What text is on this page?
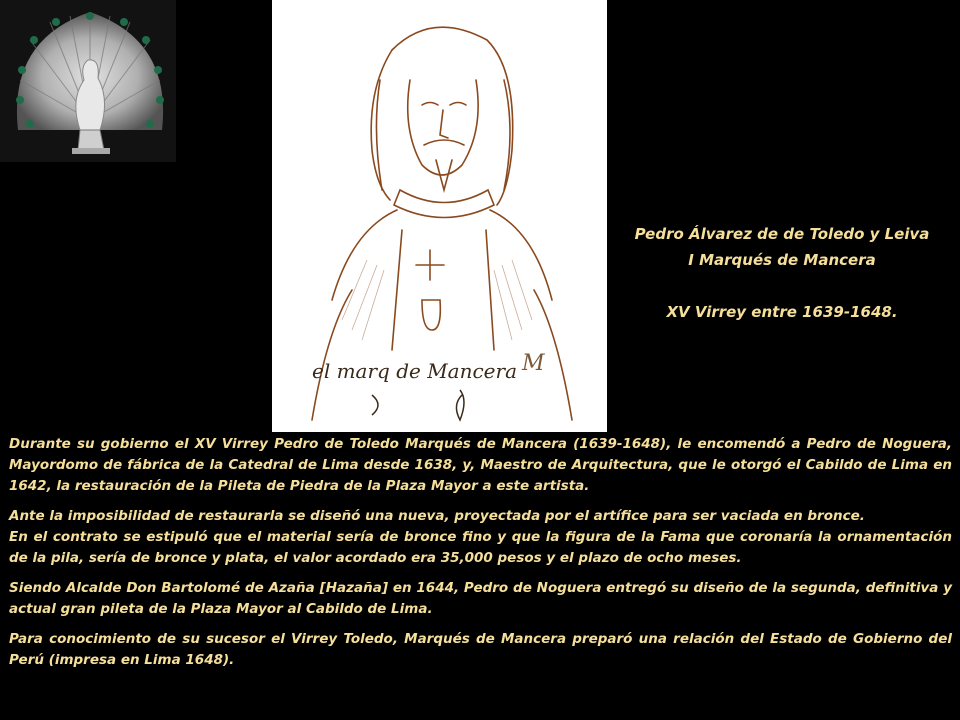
el marq de Mancera M
Pedro Álvarez de de Toledo y Leiva
I Marqués de Mancera
XV Virrey entre 1639-1648.

Durante su gobierno el XV Virrey Pedro de Toledo Marqués de Mancera (1639-1648), le encomendó a Pedro de Noguera, Mayordomo de fábrica de la Catedral de Lima desde 1638, y, Maestro de Arquitectura, que le otorgó el Cabildo de Lima en 1642, la restauración de la Pileta de Piedra de la Plaza Mayor a este artista.

Ante la imposibilidad de restaurarla se diseñó una nueva, proyectada por el artífice para ser vaciada en bronce.

En el contrato se estipuló que el material sería de bronce fino y que la figura de la Fama que coronaría la ornamentación de la pila, sería de bronce y plata, el valor acordado era 35,000 pesos y el plazo de ocho meses.

Siendo Alcalde Don Bartolomé de Azaña [Hazaña] en 1644, Pedro de Noguera entregó su diseño de la segunda, definitiva y actual gran pileta de la Plaza Mayor al Cabildo de Lima.

Para conocimiento de su sucesor el Virrey Toledo, Marqués de Mancera preparó una relación del Estado de Gobierno del Perú (impresa en Lima 1648).
